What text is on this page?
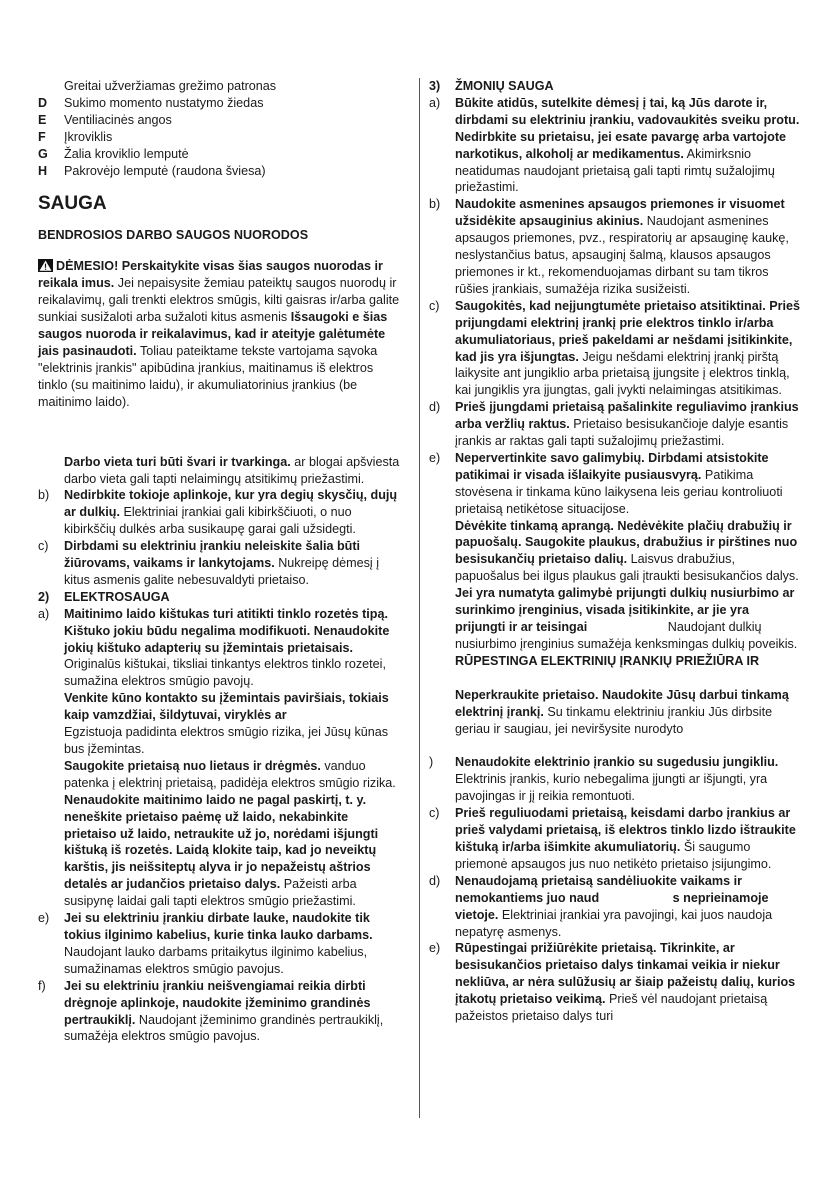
Greitai užveržiamas grežimo patronas
D	Sukimo momento nustatymo žiedas
E	Ventiliacinės angos
F	Įkroviklis
G	Žalia kroviklio lemputė
H	Pakrovėjo lemputė (raudona šviesa)
SAUGA
BENDROSIOS DARBO SAUGOS NUORODOS
DĖMESIO! Perskaitykite visas šias saugos nuorodas ir reikala imus. Jei nepaisysite žemiau pateiktų saugos nuorodų ir reikalavimų, gali trenkti elektros smūgis, kilti gaisras ir/arba galite sunkiai susižaloti arba sužaloti kitus asmenis Išsaugoki e šias saugos nuoroda ir reikalavimus, kad ir ateityje galėtumėte jais pasinaudoti. Toliau pateiktame tekste vartojama sąvoka "elektrinis įrankis" apibūdina įrankius, maitinamus iš elektros tinklo (su maitinimo laidu), ir akumuliatorinius įrankius (be maitinimo laido).
Darbo vieta turi būti švari ir tvarkinga. ar blogai apšviesta darbo vieta gali tapti nelaimingų atsitikimų priežastimi.
b)	Nedirbkite tokioje aplinkoje, kur yra degių skysčių, dujų ar dulkių. Elektriniai įrankiai gali kibirkščiuoti, o nuo kibirkščių dulkės arba susikaupę garai gali užsidegti.
c)	Dirbdami su elektriniu įrankiu neleiskite šalia būti žiūrovams, vaikams ir lankytojams. Nukreipę dėmesį į kitus asmenis galite nebesuvaldyti prietaiso.
2)	ELEKTROSAUGA
a)	Maitinimo laido kištukas turi atitikti tinklo rozetės tipą. Kištuko jokiu būdu negalima modifikuoti. Nenaudokite jokių kištuko adapterių su įžemintais prietaisais. Originalūs kištukai, tiksliai tinkantys elektros tinklo rozetei, sumažina elektros smūgio pavojų.
Venkite kūno kontakto su įžemintais paviršiais, tokiais kaip vamzdžiai, šildytuvai, viryklės ar                      Egzistuoja padidinta elektros smūgio rizika, jei Jūsų kūnas bus įžemintas.
Saugokite prietaisą nuo lietaus ir drėgmės. vanduo patenka į elektrinį prietaisą, padidėja elektros smūgio rizika.
Nenaudokite maitinimo laido ne pagal paskirtį, t. y. neneškite prietaiso paėmę už laido, nekabinkite prietaiso už laido, netraukite už jo, norėdami išjungti kištuką iš rozetės. Laidą klokite taip, kad jo neveiktų karštis, jis neišsiteptų alyva ir jo nepažeistų aštrios detalės ar judančios prietaiso dalys. Pažeisti arba susipynę laidai gali tapti elektros smūgio priežastimi.
e)	Jei su elektriniu įrankiu dirbate lauke, naudokite tik tokius ilginimo kabelius, kurie tinka lauko darbams. Naudojant lauko darbams pritaikytus ilginimo kabelius, sumažinamas elektros smūgio pavojus.
f)	Jei su elektriniu įrankiu neišvengiamai reikia dirbti drėgnoje aplinkoje, naudokite įžeminimo grandinės pertraukiklį. Naudojant įžeminimo grandinės pertraukiklį, sumažėja elektros smūgio pavojus.
3)	ŽMONIŲ SAUGA
a)	Būkite atidūs, sutelkite dėmesį į tai, ką Jūs darote ir, dirbdami su elektriniu įrankiu, vadovaukitės sveiku protu. Nedirbkite su prietaisu, jei esate pavargę arba vartojote narkotikus, alkoholį ar medikamentus. Akimirksnio neatidumas naudojant prietaisą gali tapti rimtų sužalojimų priežastimi.
b)	Naudokite asmenines apsaugos priemones ir visuomet užsidėkite apsauginius akinius. Naudojant asmenines apsaugos priemones, pvz., respiratorių ar apsauginę kaukę, neslystančius batus, apsauginį šalmą, klausos apsaugos priemones ir kt., rekomenduojamas dirbant su tam tikros rūšies įrankiais, sumažėja rizika susižeisti.
c)	Saugokitės, kad neįjungtumėte prietaiso atsitiktinai. Prieš prijungdami elektrinį įrankį prie elektros tinklo ir/arba akumuliatoriaus, prieš pakeldami ar nešdami įsitikinkite, kad jis yra išjungtas. Jeigu nešdami elektrinį įrankį pirštą laikysite ant jungiklio arba prietaisą įjungsite į elektros tinklą, kai jungiklis yra įjungtas, gali įvykti nelaimingas atsitikimas.
d)	Prieš įjungdami prietaisą pašalinkite reguliavimo įrankius arba veržlių raktus. Prietaiso besisukančioje dalyje esantis įrankis ar raktas gali tapti sužalojimų priežastimi.
e)	Nepervertinkite savo galimybių. Dirbdami atsistokite patikimai ir visada išlaikyite pusiausvyrą. Patikima stovėsena ir tinkama kūno laikysena leis geriau kontroliuoti prietaisą netikėtose situacijose.
Dėvėkite tinkamą aprangą. Nedėvėkite plačių drabužių ir papuošalų. Saugokite plaukus, drabužius ir pirštines nuo besisukančių prietaiso dalių. Laisvus drabužius, papuošalus bei ilgus plaukus gali įtraukti besisukančios dalys.
Jei yra numatyta galimybė prijungti dulkių nusiurbimo ar surinkimo įrenginius, visada įsitikinkite, ar jie yra prijungti ir ar teisingai                       Naudojant dulkių nusiurbimo įrenginius sumažėja kenksmingas dulkių poveikis.
RŪPESTINGA ELEKTRINIŲ ĮRANKIŲ PRIEŽIŪRA IR
Neperkraukite prietaiso. Naudokite Jūsų darbui tinkamą elektrinį įrankį. Su tinkamu elektriniu įrankiu Jūs dirbsite geriau ir saugiau, jei neviršysite nurodyto
)	Nenaudokite elektrinio įrankio su sugedusiu jungikliu. Elektrinis įrankis, kurio nebegalima įjungti ar išjungti, yra pavojingas ir jį reikia remontuoti.
c)	Prieš reguliuodami prietaisą, keisdami darbo įrankius ar prieš valydami prietaisą, iš elektros tinklo lizdo ištraukite kištuką ir/arba išimkite akumuliatorių. Ši saugumo priemonė apsaugos jus nuo netikėto prietaiso įsijungimo.
d)	Nenaudojamą prietaisą sandėliuokite vaikams ir nemokantiems juo naud                     s neprieinamoje vietoje. Elektriniai įrankiai yra pavojingi, kai juos naudoja nepatyrę asmenys.
e)	Rūpestingai prižiūrėkite prietaisą. Tikrinkite, ar besisukančios prietaiso dalys tinkamai veikia ir niekur nekliūva, ar nėra sulūžusių ar šiaip pažeistų dalių, kurios įtakotų prietaiso veikimą. Prieš vėl naudojant prietaisą pažeistos prietaiso dalys turi
